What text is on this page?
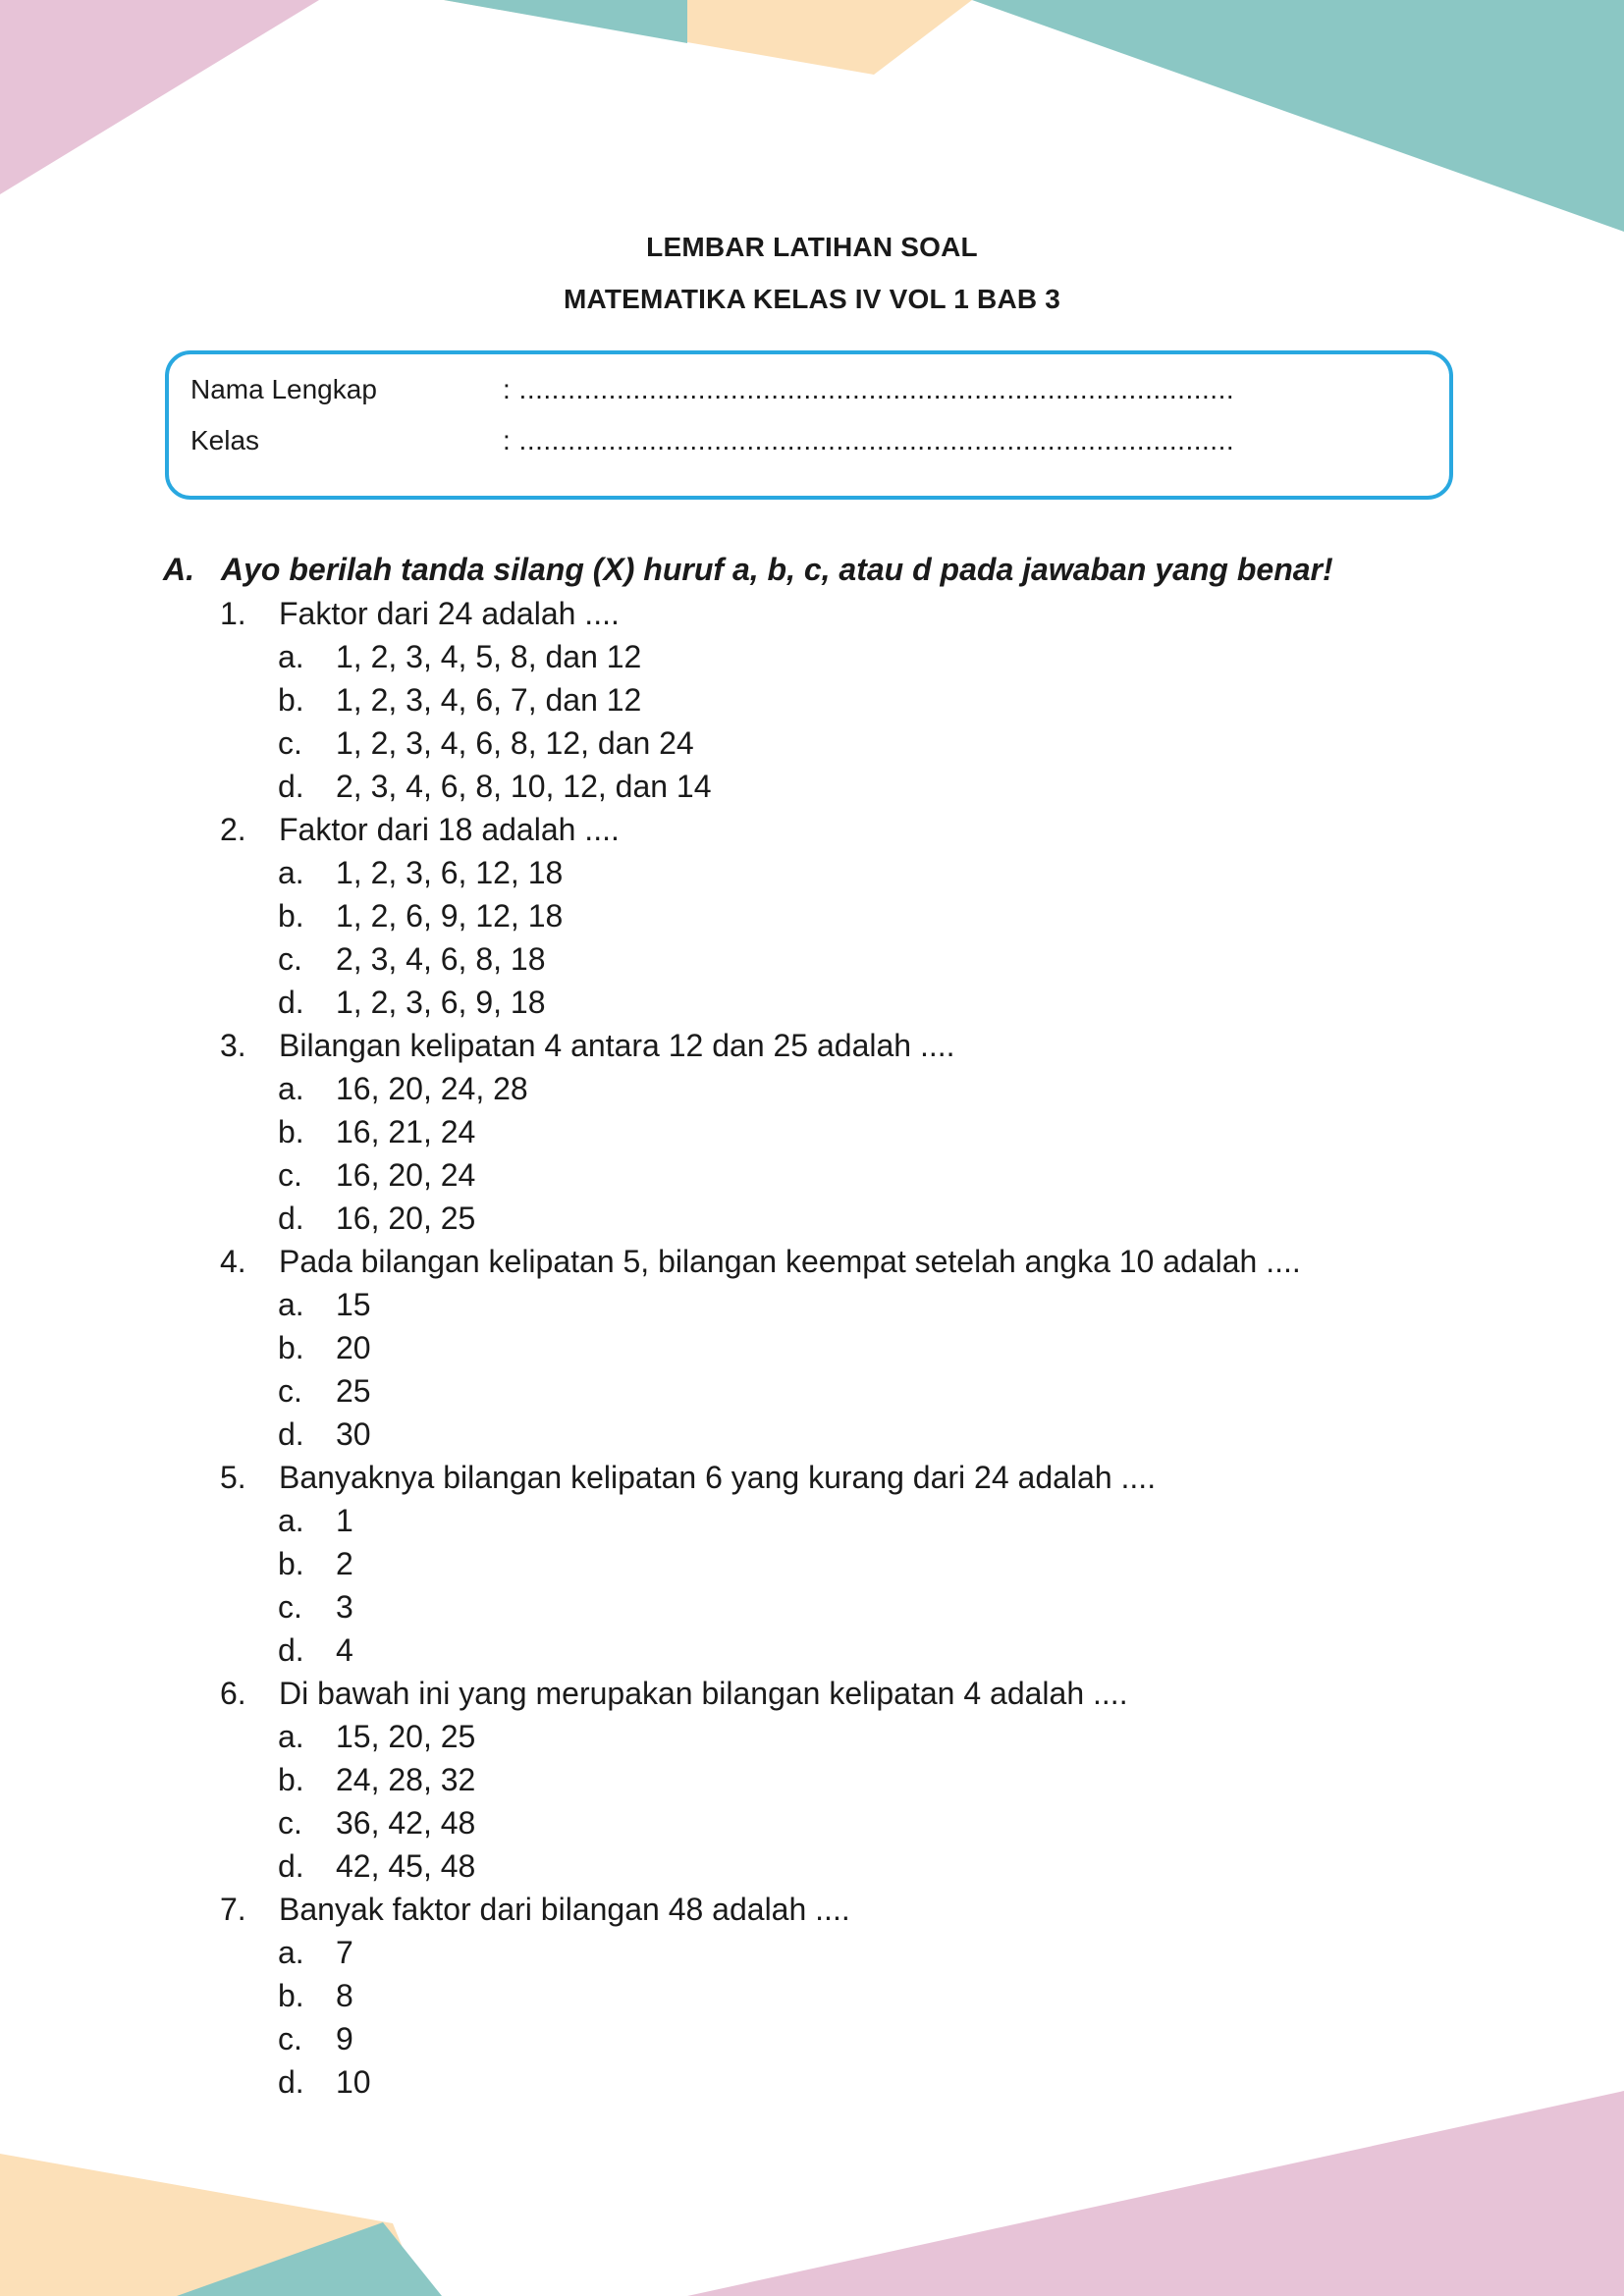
LEMBAR LATIHAN SOAL
MATEMATIKA KELAS IV VOL 1 BAB 3
Nama Lengkap	: ........................................................................................
Kelas	: ........................................................................................
A. Ayo berilah tanda silang (X) huruf a, b, c, atau d pada jawaban yang benar!
1. Faktor dari 24 adalah ....
a. 1, 2, 3, 4, 5, 8, dan 12
b. 1, 2, 3, 4, 6, 7, dan 12
c. 1, 2, 3, 4, 6, 8, 12, dan 24
d. 2, 3, 4, 6, 8, 10, 12, dan 14
2. Faktor dari 18 adalah ....
a. 1, 2, 3, 6, 12, 18
b. 1, 2, 6, 9, 12, 18
c. 2, 3, 4, 6, 8, 18
d. 1, 2, 3, 6, 9, 18
3. Bilangan kelipatan 4 antara 12 dan 25 adalah ....
a. 16, 20, 24, 28
b. 16, 21, 24
c. 16, 20, 24
d. 16, 20, 25
4. Pada bilangan kelipatan 5, bilangan keempat setelah angka 10 adalah ....
a. 15
b. 20
c. 25
d. 30
5. Banyaknya bilangan kelipatan 6 yang kurang dari 24 adalah ....
a. 1
b. 2
c. 3
d. 4
6. Di bawah ini yang merupakan bilangan kelipatan 4 adalah ....
a. 15, 20, 25
b. 24, 28, 32
c. 36, 42, 48
d. 42, 45, 48
7. Banyak faktor dari bilangan 48 adalah ....
a. 7
b. 8
c. 9
d. 10
